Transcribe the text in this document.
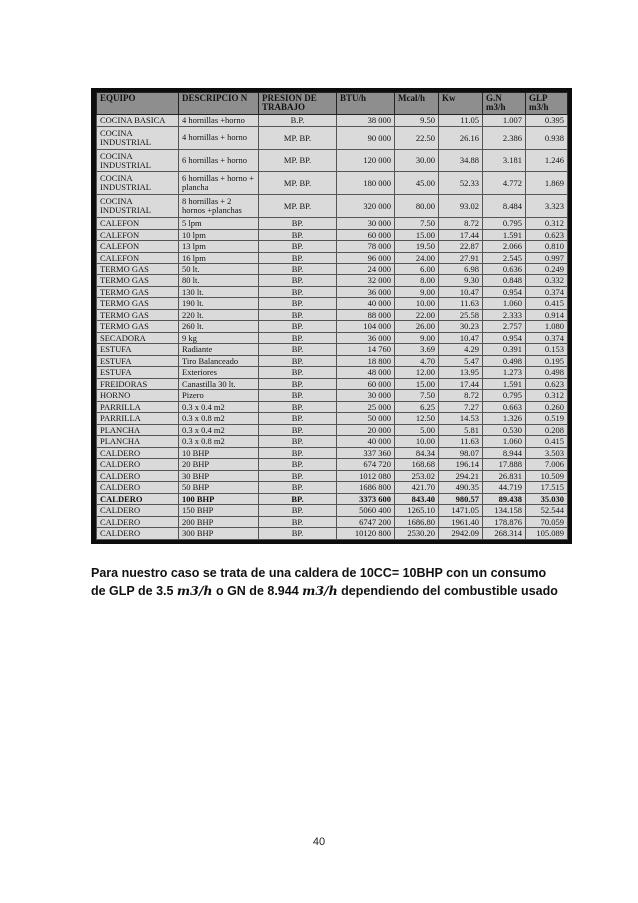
EQUIPO	DESCRIPCIO N	PRESION DE TRABAJO	BTU/h	Mcal/h	Kw	G.N m3/h	GLP m3/h
COCINA BASICA	4 hornillas +horno	B.P.	38 000	9.50	11.05	1.007	0.395
COCINA INDUSTRIAL	4 hornillas + horno	MP. BP.	90 000	22.50	26.16	2.386	0.938
COCINA INDUSTRIAL	6 hornillas + horno	MP. BP.	120 000	30.00	34.88	3.181	1.246
COCINA INDUSTRIAL	6 hornillas + horno + plancha	MP. BP.	180 000	45.00	52.33	4.772	1.869
COCINA INDUSTRIAL	8 hornillas + 2 hornos +planchas	MP. BP.	320 000	80.00	93.02	8.484	3.323
CALEFON	5 lpm	BP.	30 000	7.50	8.72	0.795	0.312
CALEFON	10 lpm	BP.	60 000	15.00	17.44	1.591	0.623
CALEFON	13 lpm	BP.	78 000	19.50	22.87	2.066	0.810
CALEFON	16 lpm	BP.	96 000	24.00	27.91	2.545	0.997
TERMO GAS	50 lt.	BP.	24 000	6.00	6.98	0.636	0.249
TERMO GAS	80 lt.	BP.	32 000	8.00	9.30	0.848	0.332
TERMO GAS	130 lt.	BP.	36 000	9.00	10.47	0.954	0.374
TERMO GAS	190 lt.	BP.	40 000	10.00	11.63	1.060	0.415
TERMO GAS	220 lt.	BP.	88 000	22.00	25.58	2.333	0.914
TERMO GAS	260 lt.	BP.	104 000	26.00	30.23	2.757	1.080
SECADORA	9 kg	BP.	36 000	9.00	10.47	0.954	0.374
ESTUFA	Radiante	BP.	14 760	3.69	4.29	0.391	0.153
ESTUFA	Tiro Balanceado	BP.	18 800	4.70	5.47	0.498	0.195
ESTUFA	Exteriores	BP.	48 000	12.00	13.95	1.273	0.498
FREIDORAS	Canastilla 30 lt.	BP.	60 000	15.00	17.44	1.591	0.623
HORNO	Pizero	BP.	30 000	7.50	8.72	0.795	0.312
PARRILLA	0.3 x 0.4 m2	BP.	25 000	6.25	7.27	0.663	0.260
PARRILLA	0.3 x 0.8 m2	BP.	50 000	12.50	14.53	1.326	0.519
PLANCHA	0.3 x 0.4 m2	BP.	20 000	5.00	5.81	0.530	0.208
PLANCHA	0.3 x 0.8 m2	BP.	40 000	10.00	11.63	1.060	0.415
CALDERO	10 BHP	BP.	337 360	84.34	98.07	8.944	3.503
CALDERO	20 BHP	BP.	674 720	168.68	196.14	17.888	7.006
CALDERO	30 BHP	BP.	1012 080	253.02	294.21	26.831	10.509
CALDERO	50 BHP	BP.	1686 800	421.70	490.35	44.719	17.515
CALDERO	100 BHP	BP.	3373 600	843.40	980.57	89.438	35.030
CALDERO	150 BHP	BP.	5060 400	1265.10	1471.05	134.158	52.544
CALDERO	200 BHP	BP.	6747 200	1686.80	1961.40	178.876	70.059
CALDERO	300 BHP	BP.	10120 800	2530.20	2942.09	268.314	105.089

Para nuestro caso se trata de una caldera de 10CC= 10BHP con un consumo de GLP de 3.5 m3/h o GN de 8.944 m3/h dependiendo del combustible usado

40
